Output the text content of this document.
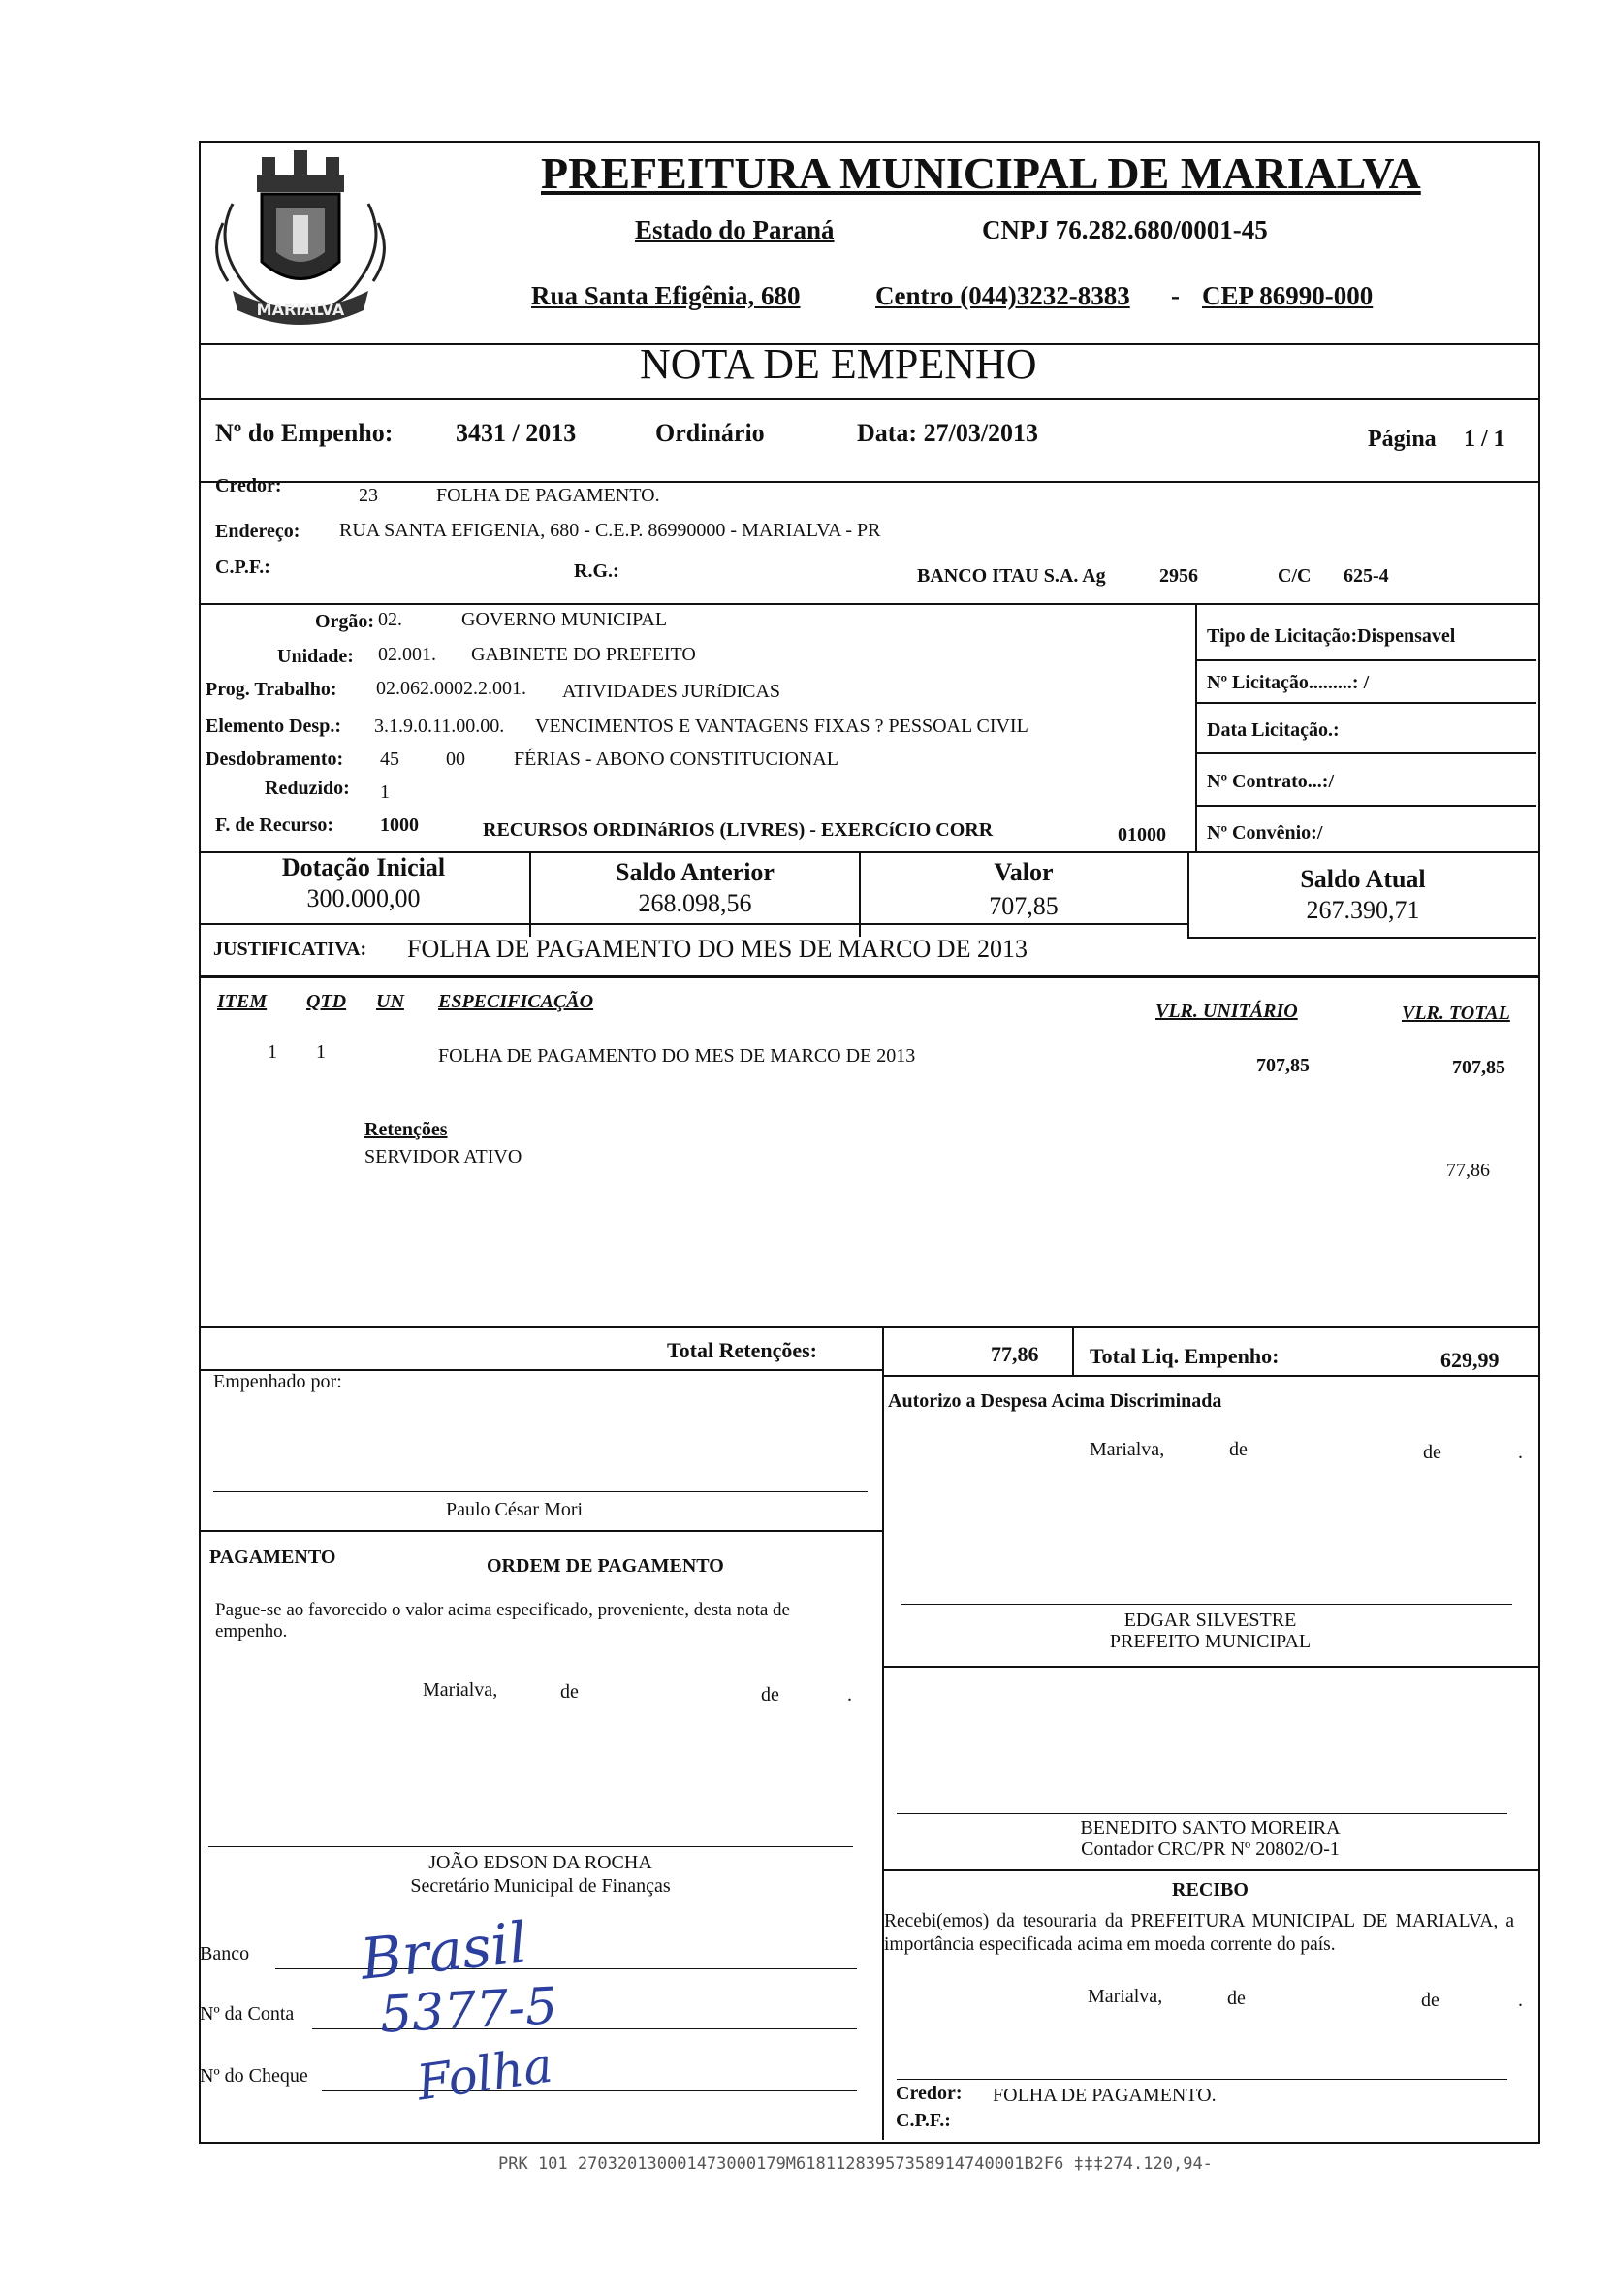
MARIALVA
PREFEITURA MUNICIPAL DE MARIALVA
Estado do Paraná	CNPJ 76.282.680/0001-45
Rua Santa Efigênia, 680	Centro (044)3232-8383 - CEP 86990-000
NOTA DE EMPENHO
Nº do Empenho: 3431 / 2013	Ordinário	Data: 27/03/2013	Página 1 / 1
Credor:	23	FOLHA DE PAGAMENTO.
Endereço: RUA SANTA EFIGENIA, 680 - C.E.P. 86990000 - MARIALVA - PR
C.P.F.:	R.G.:	BANCO ITAU S.A. Ag	2956	C/C 625-4
Orgão: 02.	GOVERNO MUNICIPAL
Unidade: 02.001. GABINETE DO PREFEITO
Prog. Trabalho: 02.062.0002.2.001. ATIVIDADES JURíDICAS
Elemento Desp.: 3.1.9.0.11.00.00. VENCIMENTOS E VANTAGENS FIXAS ? PESSOAL CIVIL
Desdobramento: 45 00	FÉRIAS - ABONO CONSTITUCIONAL
Reduzido: 1
F. de Recurso: 1000	RECURSOS ORDINáRIOS (LIVRES) - EXERCíCIO CORR	01000
Tipo de Licitação:Dispensavel
Nº Licitação.........: /
Data Licitação.:
Nº Contrato...:/
Nº Convênio:/
Dotação Inicial
300.000,00
Saldo Anterior
268.098,56
Valor
707,85
Saldo Atual
267.390,71
JUSTIFICATIVA: FOLHA DE PAGAMENTO DO MES DE MARCO DE 2013
ITEM QTD UN ESPECIFICAÇÃO	VLR. UNITÁRIO	VLR. TOTAL
1 1	FOLHA DE PAGAMENTO DO MES DE MARCO DE 2013	707,85	707,85
Retenções
SERVIDOR ATIVO
77,86
Total Retenções:	77,86 Total Liq. Empenho:	629,99
Empenhado por:
Paulo César Mori
Autorizo a Despesa Acima Discriminada
Marialva,	de	de	.
PAGAMENTO	ORDEM DE PAGAMENTO
Pague-se ao favorecido o valor acima especificado, proveniente, desta nota de empenho.
Marialva,	de	de	.
EDGAR SILVESTRE
PREFEITO MUNICIPAL
JOÃO EDSON DA ROCHA
Secretário Municipal de Finanças
BENEDITO SANTO MOREIRA
Contador CRC/PR Nº 20802/O-1
RECIBO
Recebi(emos) da tesouraria da PREFEITURA MUNICIPAL DE MARIALVA, a importância especificada acima em moeda corrente do país.
Marialva,	de	de	.
Credor: FOLHA DE PAGAMENTO.
C.P.F.:
Banco
Nº da Conta
Nº do Cheque
Brasil
5377-5
Folha
PRK 101 270320130001473000179M61811283957358914740001B2F6 ‡‡‡274.120,94-
